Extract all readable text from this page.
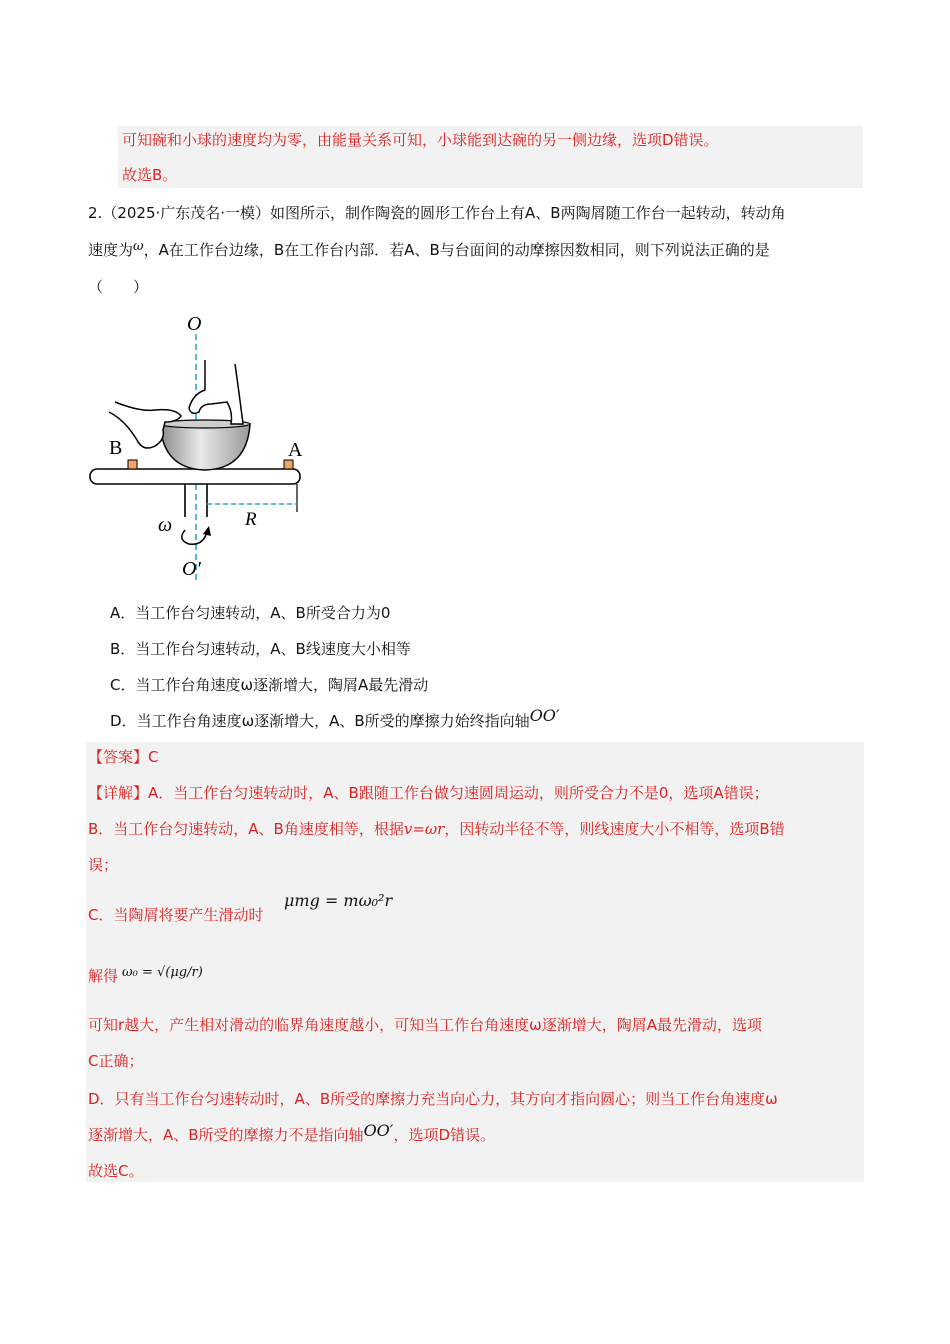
可知碗和小球的速度均为零，由能量关系可知，小球能到达碗的另一侧边缘，选项D错误。
故选B。
2.（2025·广东茂名·一模）如图所示，制作陶瓷的圆形工作台上有A、B两陶屑随工作台一起转动，转动角
速度为ω，A在工作台边缘，B在工作台内部．若A、B与台面间的动摩擦因数相同，则下列说法正确的是
（　　）
O
B	A
R
ω
O′
A．当工作台匀速转动，A、B所受合力为0
B．当工作台匀速转动，A、B线速度大小相等
C．当工作台角速度ω逐渐增大，陶屑A最先滑动
D．当工作台角速度ω逐渐增大，A、B所受的摩擦力始终指向轴OO′
【答案】C
【详解】A．当工作台匀速转动时，A、B跟随工作台做匀速圆周运动，则所受合力不是0，选项A错误；
B．当工作台匀速转动，A、B角速度相等，根据v=ωr，因转动半径不等，则线速度大小不相等，选项B错
误；
C．当陶屑将要产生滑动时
μmg = mω₀²r
解得 ω₀ = √(μg/r)
可知r越大，产生相对滑动的临界角速度越小，可知当工作台角速度ω逐渐增大，陶屑A最先滑动，选项
C正确；
D．只有当工作台匀速转动时，A、B所受的摩擦力充当向心力，其方向才指向圆心；则当工作台角速度ω
逐渐增大，A、B所受的摩擦力不是指向轴OO′，选项D错误。
故选C。
